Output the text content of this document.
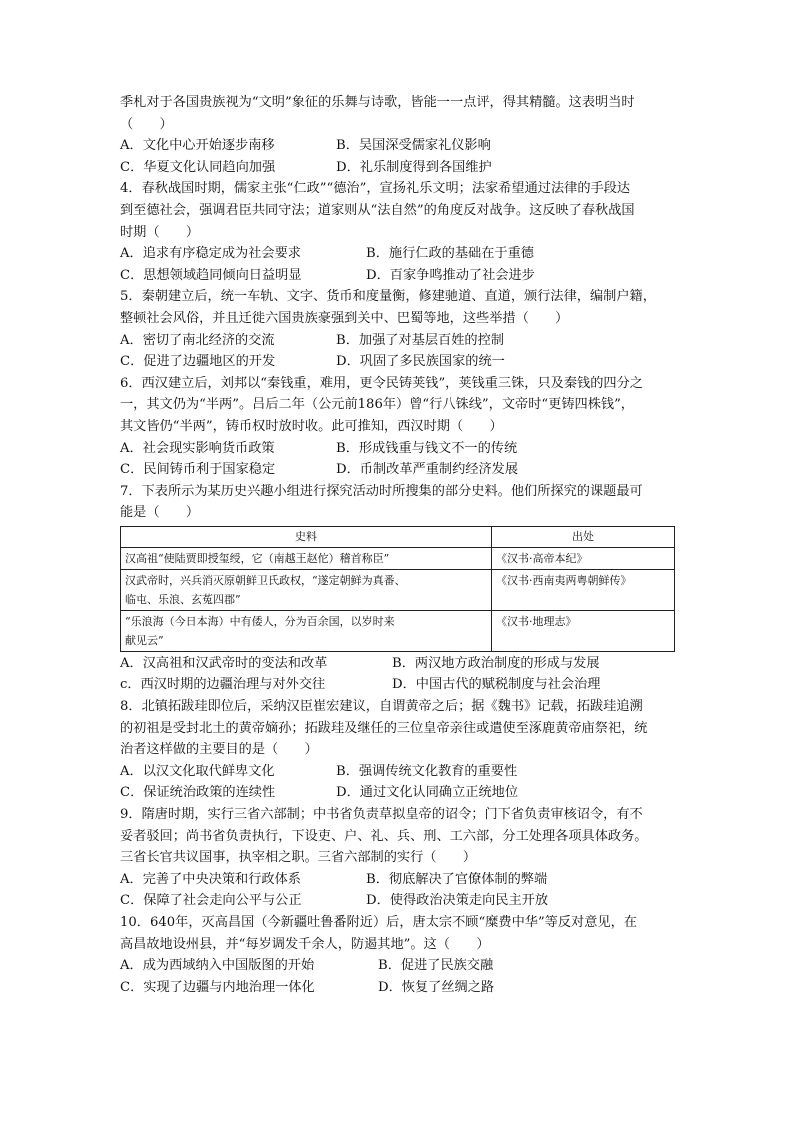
季札对于各国贵族视为“文明”象征的乐舞与诗歌，皆能一一点评，得其精髓。这表明当时
（　　）
A．文化中心开始逐步南移	B．吴国深受儒家礼仪影响
C．华夏文化认同趋向加强	D．礼乐制度得到各国维护
4．春秋战国时期，儒家主张“仁政”“德治”，宣扬礼乐文明；法家希望通过法律的手段达
到至德社会，强调君臣共同守法；道家则从“法自然”的角度反对战争。这反映了春秋战国
时期（　　）
A．追求有序稳定成为社会要求	B．施行仁政的基础在于重德
C．思想领域趋同倾向日益明显	D．百家争鸣推动了社会进步
5．秦朝建立后，统一车轨、文字、货币和度量衡，修建驰道、直道，颁行法律，编制户籍，
整顿社会风俗，并且迁徙六国贵族豪强到关中、巴蜀等地，这些举措（　　）
A．密切了南北经济的交流	B．加强了对基层百姓的控制
C．促进了边疆地区的开发	D．巩固了多民族国家的统一
6．西汉建立后，刘邦以“秦钱重，难用，更令民铸荚钱”，荚钱重三铢，只及秦钱的四分之
一，其文仍为“半两”。吕后二年（公元前186年）曾“行八铢线”，文帝时“更铸四株钱”，
其文皆仍“半两”，铸币权时放时收。此可推知，西汉时期（　　）
A．社会现实影响货币政策	B．形成钱重与钱文不一的传统
C．民间铸币利于国家稳定	D．币制改革严重制约经济发展
7．下表所示为某历史兴趣小组进行探究活动时所搜集的部分史料。他们所探究的课题最可
能是（　　）
史料	出处

汉高祖“使陆贾即授玺绶，它（南越王赵佗）稽首称臣”	《汉书·高帝本纪》

汉武帝时，兴兵消灭原朝鲜卫氏政权，“遂定朝鲜为真番、
临屯、乐浪、玄菟四郡”	《汉书·西南夷两粤朝鲜传》

“乐浪海（今日本海）中有倭人，分为百余国，以岁时来
献见云”	《汉书·地理志》
A．汉高祖和汉武帝时的变法和改革	B．两汉地方政治制度的形成与发展
c．西汉时期的边疆治理与对外交往	D．中国古代的赋税制度与社会治理
8．北镇拓跋珪即位后，采纳汉臣崔宏建议，自谓黄帝之后；据《魏书》记载，拓跋珪追溯
的初祖是受封北土的黄帝嫡孙；拓跋珪及继任的三位皇帝亲往或遣使至涿鹿黄帝庙祭祀，统
治者这样做的主要目的是（　　）
A．以汉文化取代鲜卑文化	B．强调传统文化教育的重要性
C．保证统治政策的连续性	D．通过文化认同确立正统地位
9．隋唐时期，实行三省六部制；中书省负责草拟皇帝的诏令；门下省负责审核诏令，有不
妥者驳回；尚书省负责执行，下设吏、户、礼、兵、刑、工六部，分工处理各项具体政务。
三省长官共议国事，执宰相之职。三省六部制的实行（　　）
A．完善了中央决策和行政体系	B．彻底解决了官僚体制的弊端
C．保障了社会走向公平与公正	D．使得政治决策走向民主开放
10．640年，灭高昌国（今新疆吐鲁番附近）后，唐太宗不顾“糜费中华”等反对意见，在
高昌故地设州县，并“每岁调发千余人，防遏其地”。这（　　）
A．成为西域纳入中国版图的开始	B．促进了民族交融
C．实现了边疆与内地治理一体化	D．恢复了丝绸之路
